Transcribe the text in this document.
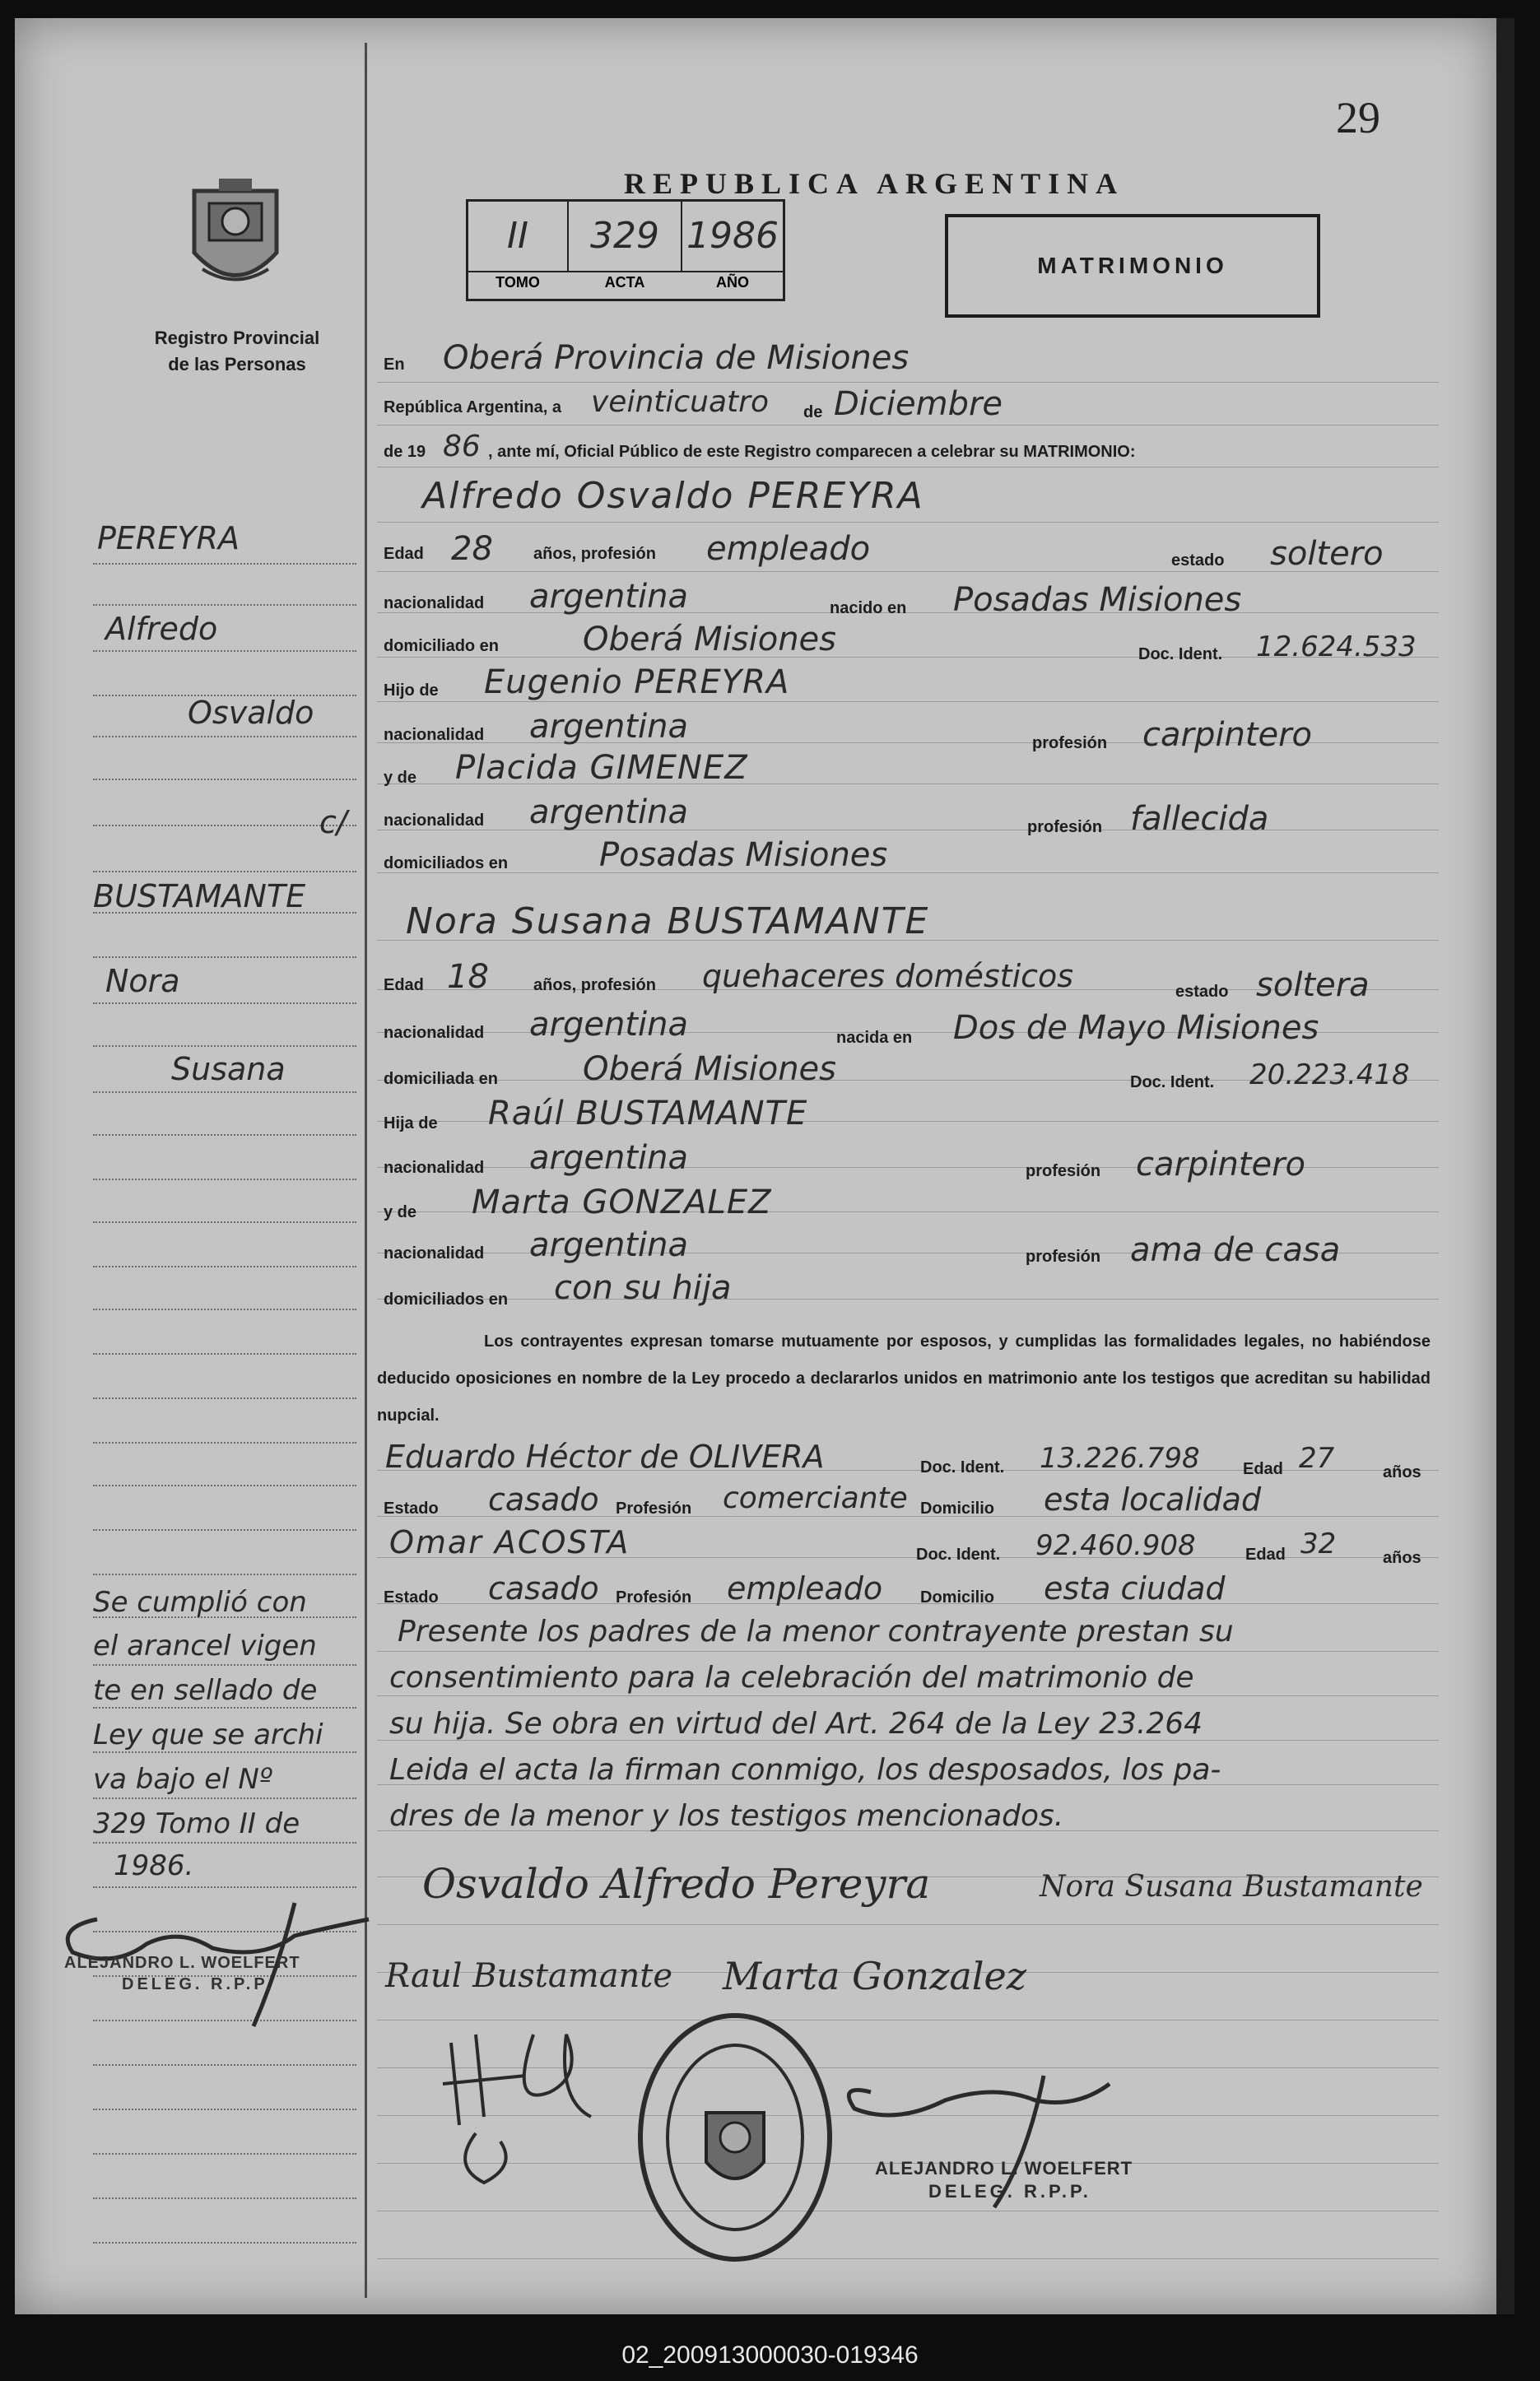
29
REPUBLICA ARGENTINA
Registro Provincial
de las Personas
II	329 1986
TOMO	ACTA	AÑO
MATRIMONIO
PEREYRA
Alfredo
Osvaldo
c/
BUSTAMANTE
Nora
Susana
Se cumplió con
el arancel vigen
te en sellado de
Ley que se archi
va bajo el Nº
329 Tomo II de
1986.
ALEJANDRO L. WOELFERT
DELEG. R.P.P.
En Oberá Provincia de Misiones
República Argentina, a veinticuatro de Diciembre
de 19 86 , ante mí, Oficial Público de este Registro comparecen a celebrar su MATRIMONIO:
Alfredo Osvaldo PEREYRA
Edad 28 años, profesión empleado	estado soltero
nacionalidad argentina	nacido en Posadas Misiones
domiciliado en	Oberá Misiones	Doc. Ident. 12.624.533
Hijo de Eugenio PEREYRA
nacionalidad argentina	profesión carpintero
y de Placida GIMENEZ
nacionalidad argentina	profesión fallecida
domiciliados en	Posadas Misiones
Nora Susana BUSTAMANTE
Edad 18	años, profesión quehaceres domésticos	estado soltera
nacionalidad argentina	nacida en Dos de Mayo Misiones
domiciliada en	Oberá Misiones	Doc. Ident. 20.223.418
Hija de Raúl BUSTAMANTE
nacionalidad argentina	profesión carpintero
y de Marta GONZALEZ
nacionalidad argentina	profesión ama de casa
domiciliados en con su hija
Los contrayentes expresan tomarse mutuamente por esposos, y cumplidas las formalidades legales, no habiéndose deducido oposiciones en nombre de la Ley procedo a declararlos unidos en matrimonio ante los testigos que acreditan su habilidad nupcial.
Eduardo Héctor de OLIVERA	Doc. Ident. 13.226.798	Edad 27	años
Estado casado Profesión comerciante Domicilio esta localidad
Omar ACOSTA	Doc. Ident. 92.460.908	Edad 32	años
Estado casado Profesión empleado Domicilio esta ciudad
Presente los padres de la menor contrayente prestan su
consentimiento para la celebración del matrimonio de
su hija. Se obra en virtud del Art. 264 de la Ley 23.264
Leida el acta la firman conmigo, los desposados, los pa-
dres de la menor y los testigos mencionados.
Osvaldo Alfredo Pereyra	Nora Susana Bustamante
Raul Bustamante Marta Gonzalez
ALEJANDRO L. WOELFERT
DELEG. R.P.P.
02_200913000030-019346
